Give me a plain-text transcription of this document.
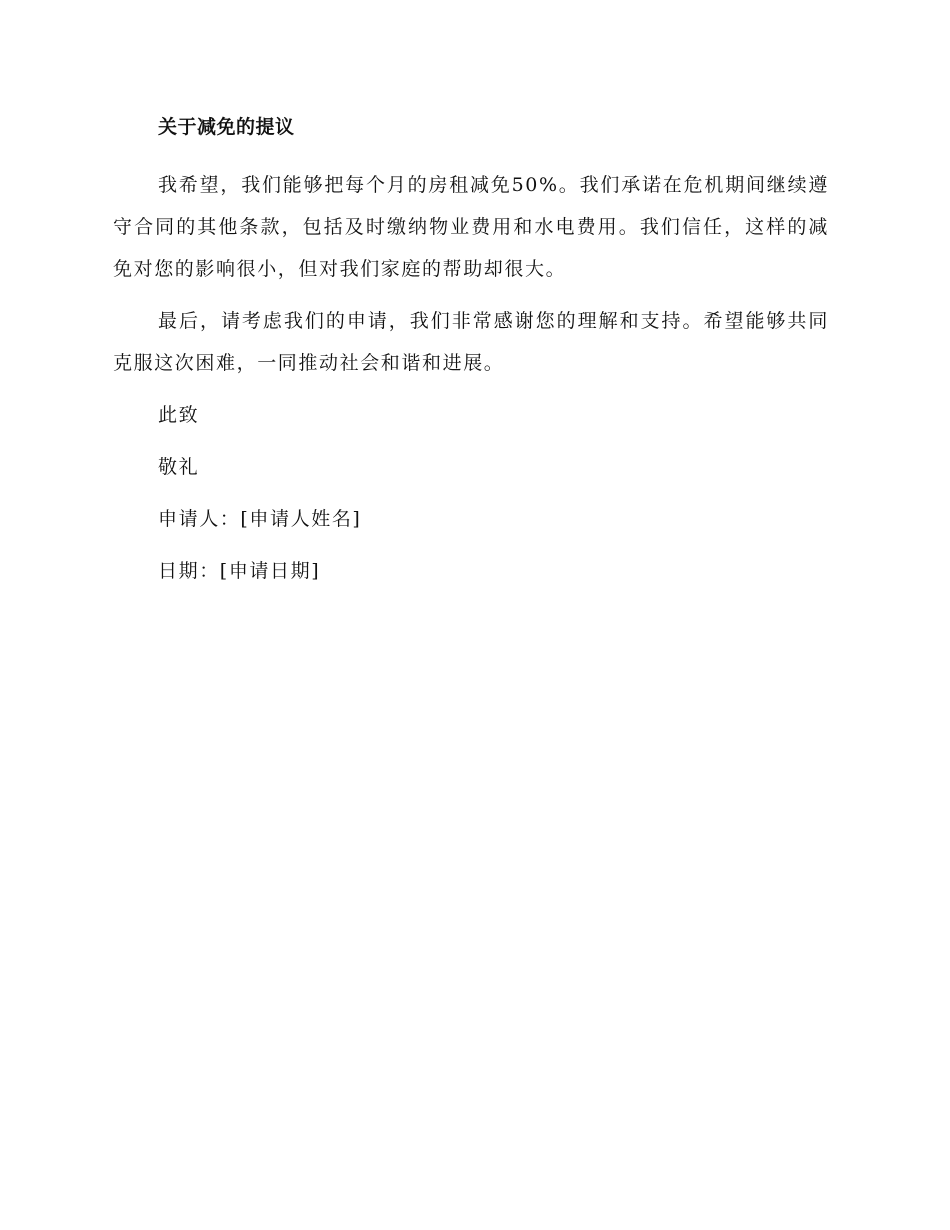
关于减免的提议

我希望，我们能够把每个月的房租减免50%。我们承诺在危机期间继续遵守合同的其他条款，包括及时缴纳物业费用和水电费用。我们信任，这样的减免对您的影响很小，但对我们家庭的帮助却很大。

最后，请考虑我们的申请，我们非常感谢您的理解和支持。希望能够共同克服这次困难，一同推动社会和谐和进展。

此致
敬礼
申请人：[申请人姓名]
日期：[申请日期]
